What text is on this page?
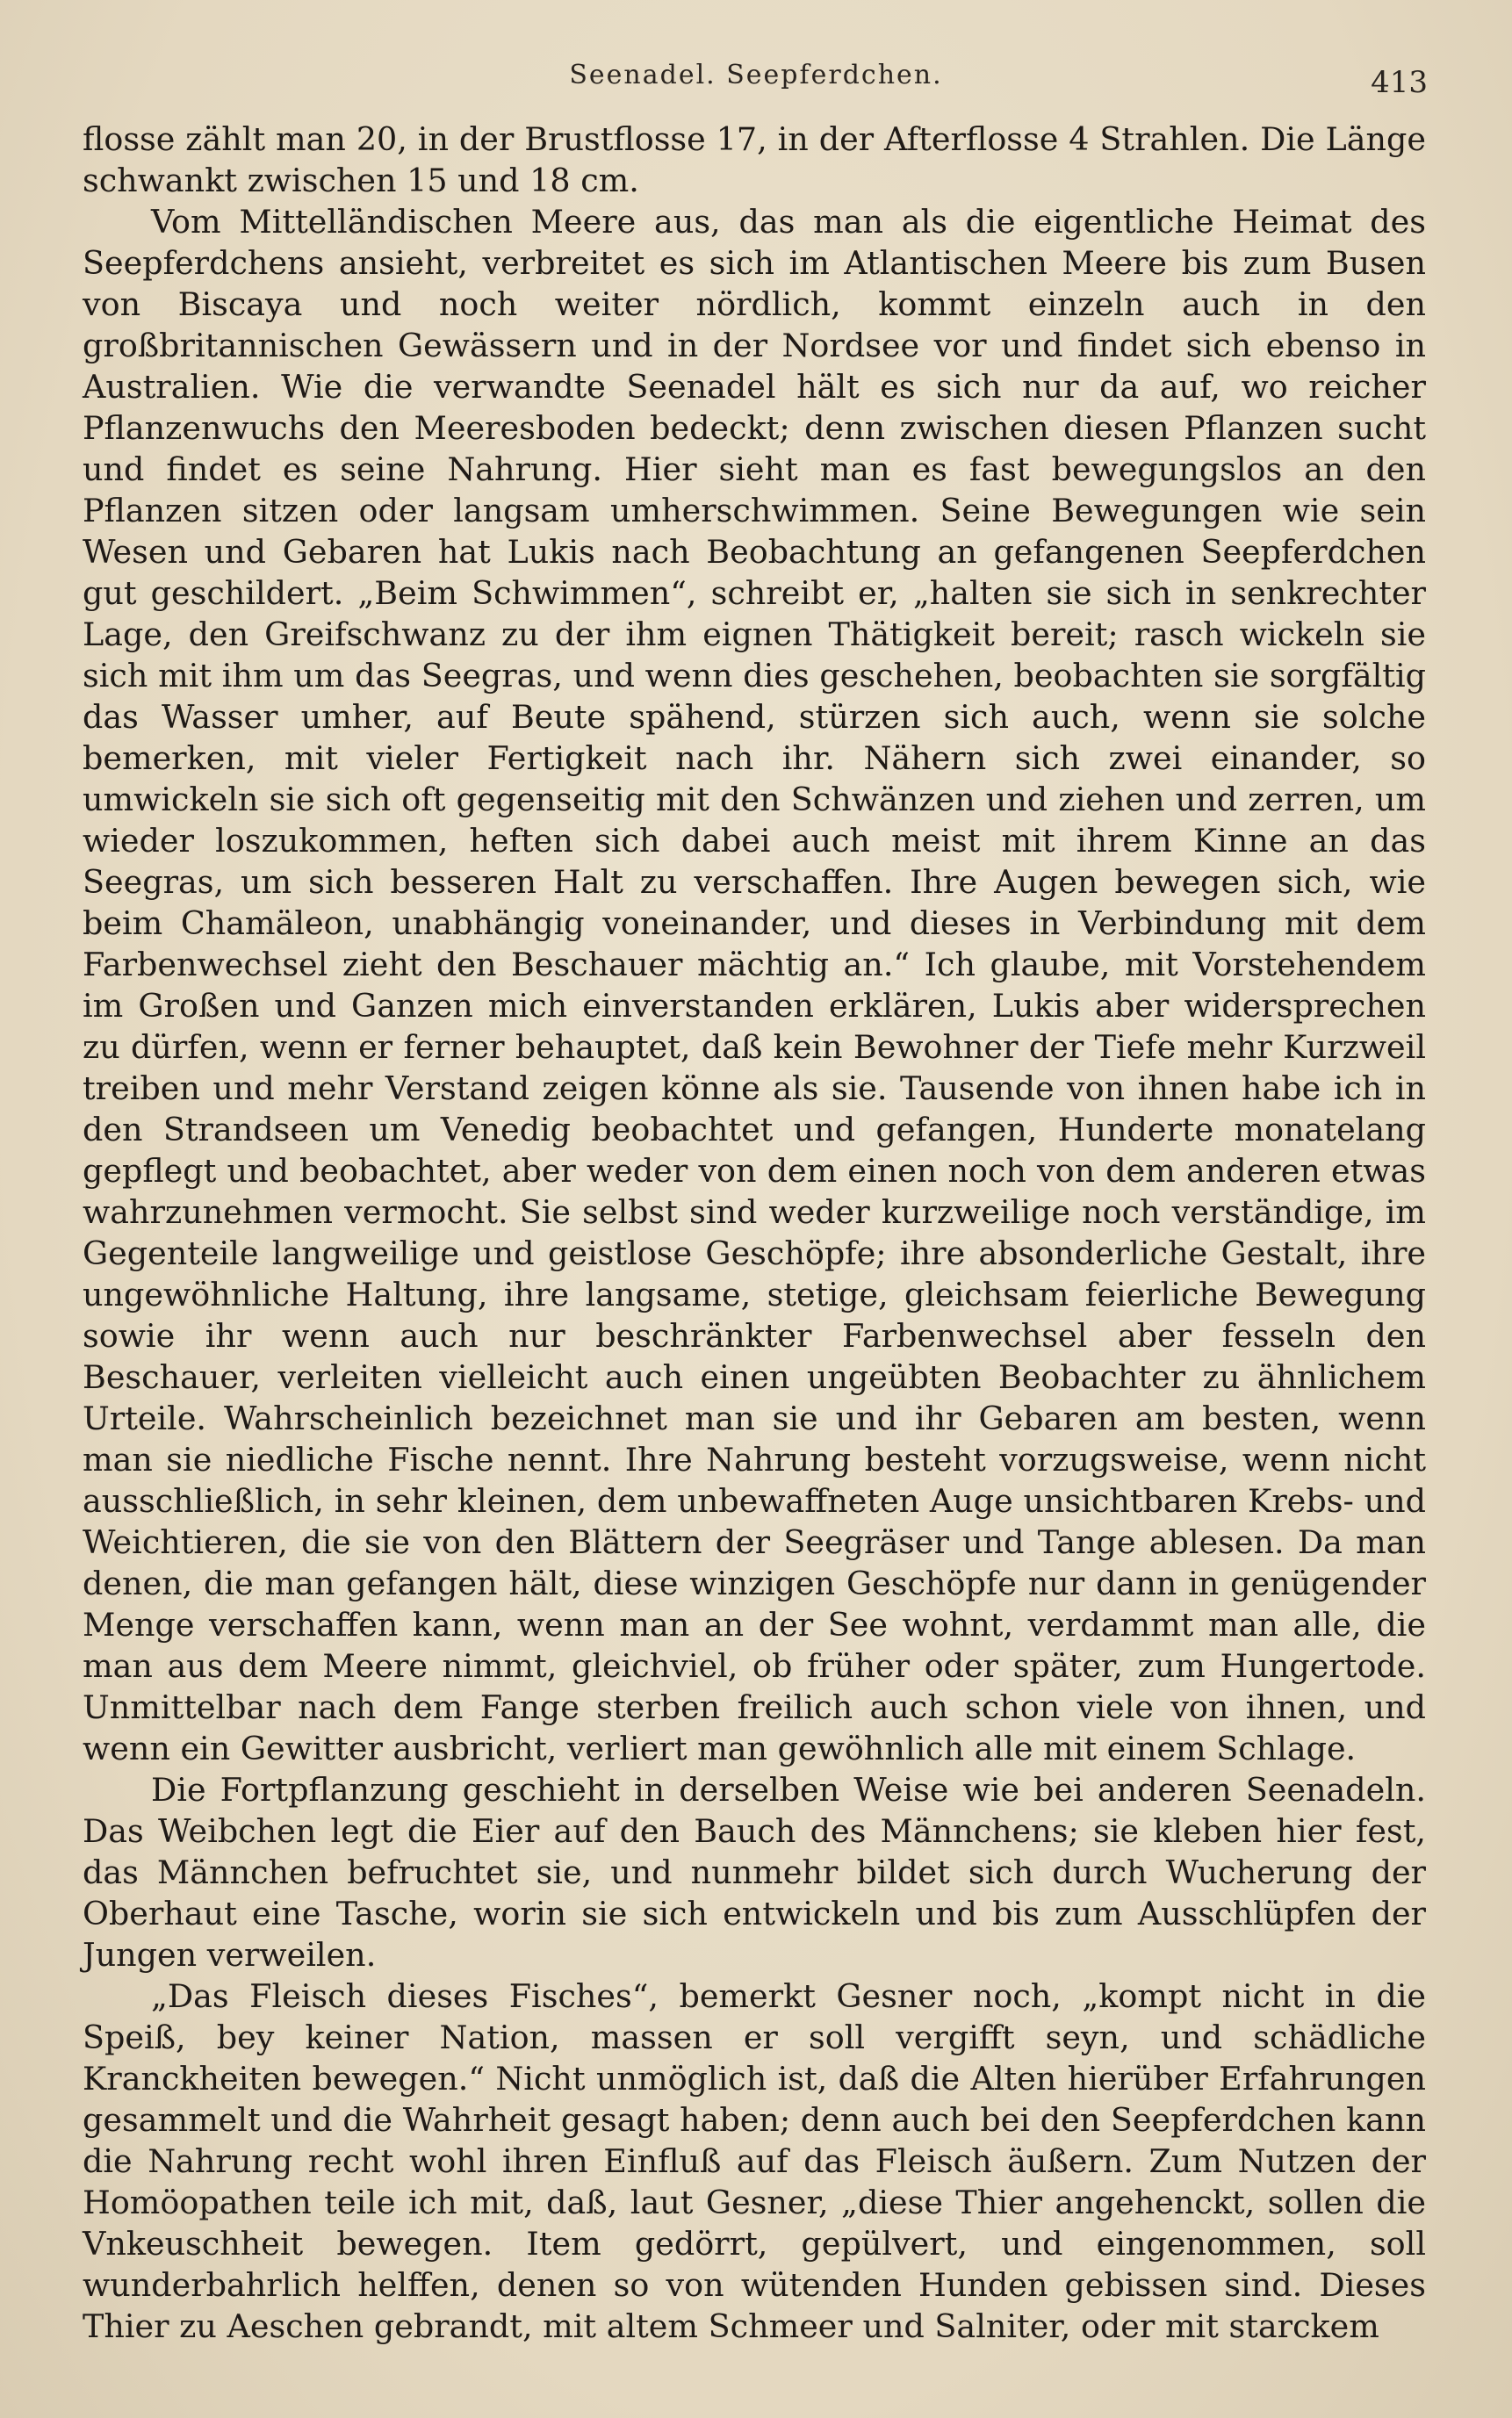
Seenadel. Seepferdchen.	413

flosse zählt man 20, in der Brustflosse 17, in der Afterflosse 4 Strahlen. Die Länge schwankt zwischen 15 und 18 cm.

Vom Mittelländischen Meere aus, das man als die eigentliche Heimat des Seepferdchens ansieht, verbreitet es sich im Atlantischen Meere bis zum Busen von Biscaya und noch weiter nördlich, kommt einzeln auch in den großbritannischen Gewässern und in der Nordsee vor und findet sich ebenso in Australien. Wie die verwandte Seenadel hält es sich nur da auf, wo reicher Pflanzenwuchs den Meeresboden bedeckt; denn zwischen diesen Pflanzen sucht und findet es seine Nahrung. Hier sieht man es fast bewegungslos an den Pflanzen sitzen oder langsam umherschwimmen. Seine Bewegungen wie sein Wesen und Gebaren hat Lukis nach Beobachtung an gefangenen Seepferdchen gut geschildert. „Beim Schwimmen“, schreibt er, „halten sie sich in senkrechter Lage, den Greifschwanz zu der ihm eignen Thätigkeit bereit; rasch wickeln sie sich mit ihm um das Seegras, und wenn dies geschehen, beobachten sie sorgfältig das Wasser umher, auf Beute spähend, stürzen sich auch, wenn sie solche bemerken, mit vieler Fertigkeit nach ihr. Nähern sich zwei einander, so umwickeln sie sich oft gegenseitig mit den Schwänzen und ziehen und zerren, um wieder loszukommen, heften sich dabei auch meist mit ihrem Kinne an das Seegras, um sich besseren Halt zu verschaffen. Ihre Augen bewegen sich, wie beim Chamäleon, unabhängig voneinander, und dieses in Verbindung mit dem Farbenwechsel zieht den Beschauer mächtig an.“ Ich glaube, mit Vorstehendem im Großen und Ganzen mich einverstanden erklären, Lukis aber widersprechen zu dürfen, wenn er ferner behauptet, daß kein Bewohner der Tiefe mehr Kurzweil treiben und mehr Verstand zeigen könne als sie. Tausende von ihnen habe ich in den Strandseen um Venedig beobachtet und gefangen, Hunderte monatelang gepflegt und beobachtet, aber weder von dem einen noch von dem anderen etwas wahrzunehmen vermocht. Sie selbst sind weder kurzweilige noch verständige, im Gegenteile langweilige und geistlose Geschöpfe; ihre absonderliche Gestalt, ihre ungewöhnliche Haltung, ihre langsame, stetige, gleichsam feierliche Bewegung sowie ihr wenn auch nur beschränkter Farbenwechsel aber fesseln den Beschauer, verleiten vielleicht auch einen ungeübten Beobachter zu ähnlichem Urteile. Wahrscheinlich bezeichnet man sie und ihr Gebaren am besten, wenn man sie niedliche Fische nennt. Ihre Nahrung besteht vorzugsweise, wenn nicht ausschließlich, in sehr kleinen, dem unbewaffneten Auge unsichtbaren Krebs- und Weichtieren, die sie von den Blättern der Seegräser und Tange ablesen. Da man denen, die man gefangen hält, diese winzigen Geschöpfe nur dann in genügender Menge verschaffen kann, wenn man an der See wohnt, verdammt man alle, die man aus dem Meere nimmt, gleichviel, ob früher oder später, zum Hungertode. Unmittelbar nach dem Fange sterben freilich auch schon viele von ihnen, und wenn ein Gewitter ausbricht, verliert man gewöhnlich alle mit einem Schlage.

Die Fortpflanzung geschieht in derselben Weise wie bei anderen Seenadeln. Das Weibchen legt die Eier auf den Bauch des Männchens; sie kleben hier fest, das Männchen befruchtet sie, und nunmehr bildet sich durch Wucherung der Oberhaut eine Tasche, worin sie sich entwickeln und bis zum Ausschlüpfen der Jungen verweilen.

„Das Fleisch dieses Fisches“, bemerkt Gesner noch, „kompt nicht in die Speiß, bey keiner Nation, massen er soll vergifft seyn, und schädliche Kranckheiten bewegen.“ Nicht unmöglich ist, daß die Alten hierüber Erfahrungen gesammelt und die Wahrheit gesagt haben; denn auch bei den Seepferdchen kann die Nahrung recht wohl ihren Einfluß auf das Fleisch äußern. Zum Nutzen der Homöopathen teile ich mit, daß, laut Gesner, „diese Thier angehenckt, sollen die Vnkeuschheit bewegen. Item gedörrt, gepülvert, und eingenommen, soll wunderbahrlich helffen, denen so von wütenden Hunden gebissen sind. Dieses Thier zu Aeschen gebrandt, mit altem Schmeer und Salniter, oder mit starckem
